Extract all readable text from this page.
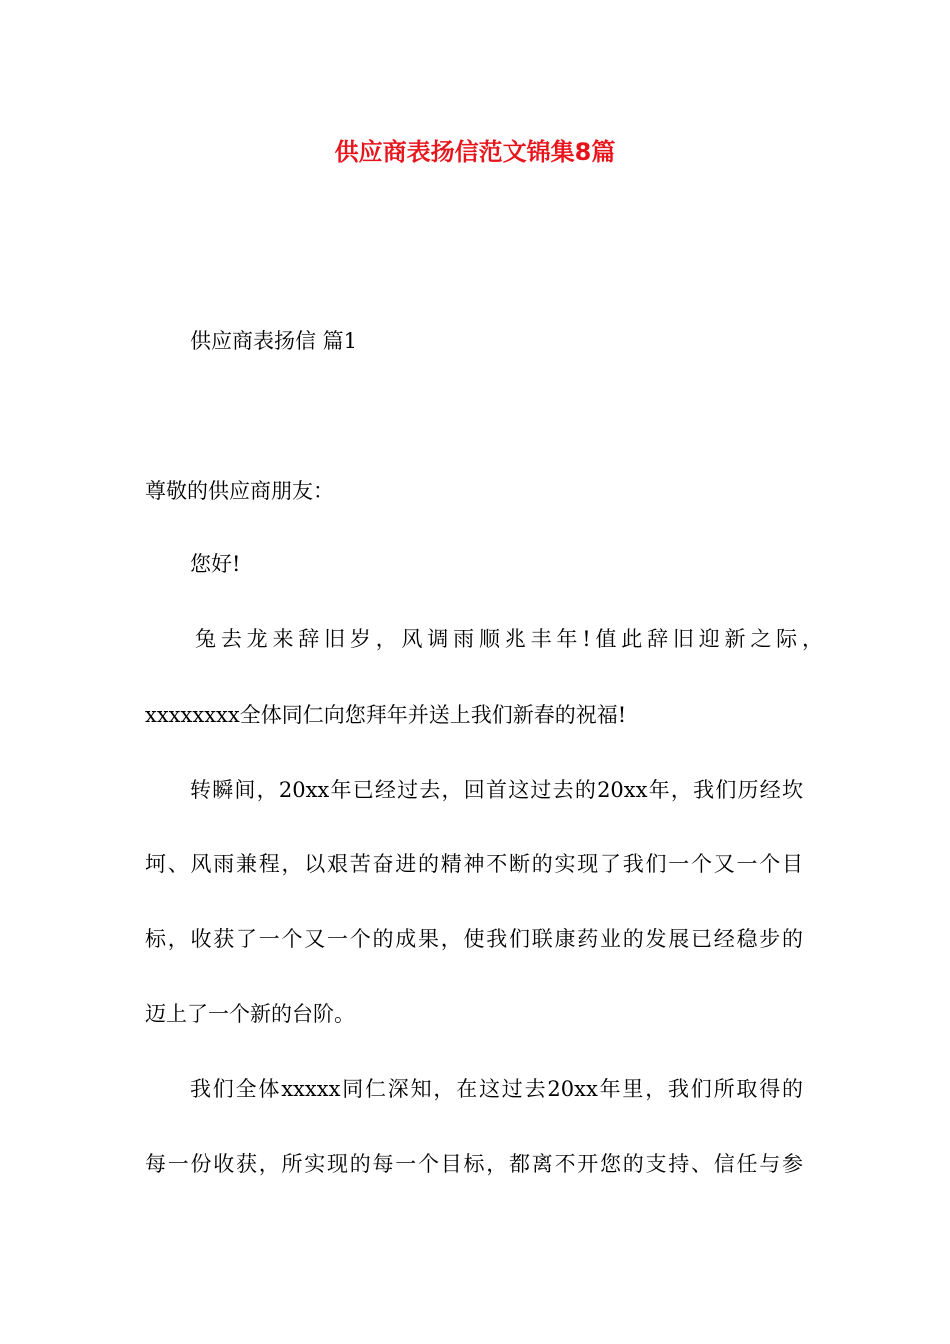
供应商表扬信范文锦集8篇

供应商表扬信 篇1

尊敬的供应商朋友：

您好!

兔去龙来辞旧岁，风调雨顺兆丰年!值此辞旧迎新之际，

xxxxxxxx全体同仁向您拜年并送上我们新春的祝福!

转瞬间，20xx年已经过去，回首这过去的20xx年，我们历经坎

坷、风雨兼程，以艰苦奋进的精神不断的实现了我们一个又一个目

标，收获了一个又一个的成果，使我们联康药业的发展已经稳步的

迈上了一个新的台阶。

我们全体xxxxx同仁深知，在这过去20xx年里，我们所取得的

每一份收获，所实现的每一个目标，都离不开您的支持、信任与参
